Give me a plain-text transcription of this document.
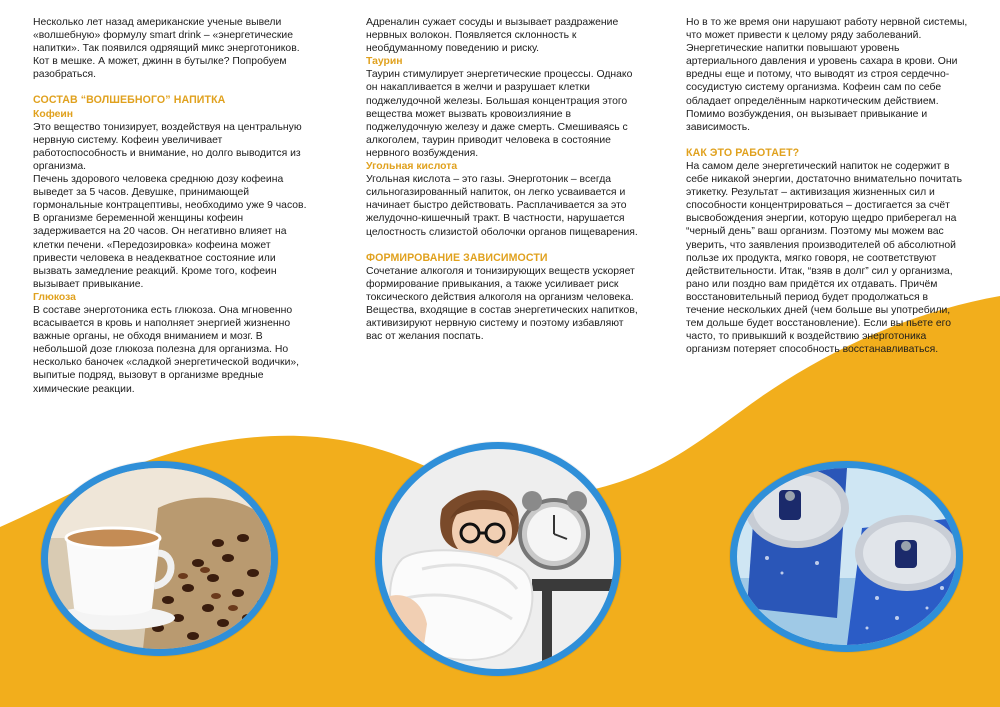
Несколько лет назад американские ученые вывели «волшебную» формулу smart drink – «энергетические напитки». Так появился одряящий микс энерготоников. Кот в мешке. А может, джинн в бутылке? Попробуем разобраться.

СОСТАВ “ВОЛШЕБНОГО” НАПИТКА

Кофеин

Это вещество тонизирует, воздействуя на центральную нервную систему. Кофеин увеличивает работоспособность и внимание, но долго выводится из организма.

Печень здорового человека среднюю дозу кофеина выведет за 5 часов. Девушке, принимающей гормональные контрацептивы, необходимо уже 9 часов. В организме беременной женщины кофеин задерживается на 20 часов. Он негативно влияет на клетки печени. «Передозировка» кофеина может привести человека в неадекватное состояние или вызвать замедление реакций. Кроме того, кофеин вызывает привыкание.

Глюкоза

В составе энерготоника есть глюкоза. Она мгновенно всасывается в кровь и наполняет энергией жизненно важные органы, не обходя вниманием и мозг. В небольшой дозе глюкоза полезна для организма. Но несколько баночек «сладкой энергетической водички», выпитые подряд, вызовут в организме вредные химические реакции.

Адреналин сужает сосуды и вызывает раздражение нервных волокон. Появляется склонность к необдуманному поведению и риску.

Таурин

Таурин стимулирует энергетические процессы. Однако он накапливается в желчи и разрушает клетки поджелудочной железы. Большая концентрация этого вещества может вызвать кровоизлияние в поджелудочную железу и даже смерть. Смешиваясь с алкоголем, таурин приводит человека в состояние нервного возбуждения.

Угольная кислота

Угольная кислота – это газы. Энерготоник – всегда сильногазированный напиток, он легко усваивается и начинает быстро действовать. Расплачивается за это желудочно-кишечный тракт. В частности, нарушается целостность слизистой оболочки органов пищеварения.

ФОРМИРОВАНИЕ ЗАВИСИМОСТИ

Сочетание алкоголя и тонизирующих веществ ускоряет формирование привыкания, а также усиливает риск токсического действия алкоголя на организм человека. Вещества, входящие в состав энергетических напитков, активизируют нервную систему и поэтому избавляют вас от желания поспать.

Но в то же время они нарушают работу нервной системы, что может привести к целому ряду заболеваний. Энергетические напитки повышают уровень артериального давления и уровень сахара в крови. Они вредны еще и потому, что выводят из строя сердечно-сосудистую систему организма. Кофеин сам по себе обладает определённым наркотическим действием. Помимо возбуждения, он вызывает привыкание и зависимость.

КАК ЭТО РАБОТАЕТ?

На самом деле энергетический напиток не содержит в себе никакой энергии, достаточно внимательно почитать этикетку. Результат – активизация жизненных сил и способности концентрироваться – достигается за счёт высвобождения энергии, которую щедро приберегал на “черный день” ваш организм. Поэтому мы можем вас уверить, что заявления производителей об абсолютной пользе их продукта, мягко говоря, не соответствуют действительности. Итак, “взяв в долг” сил у организма, рано или поздно вам придётся их отдавать. Причём восстановительный период будет продолжаться в течение нескольких дней (чем больше вы употребили, тем дольше будет восстановление). Если вы пьете его часто, то привыкший к воздействию энерготоника организм потеряет способность восстанавливаться.
